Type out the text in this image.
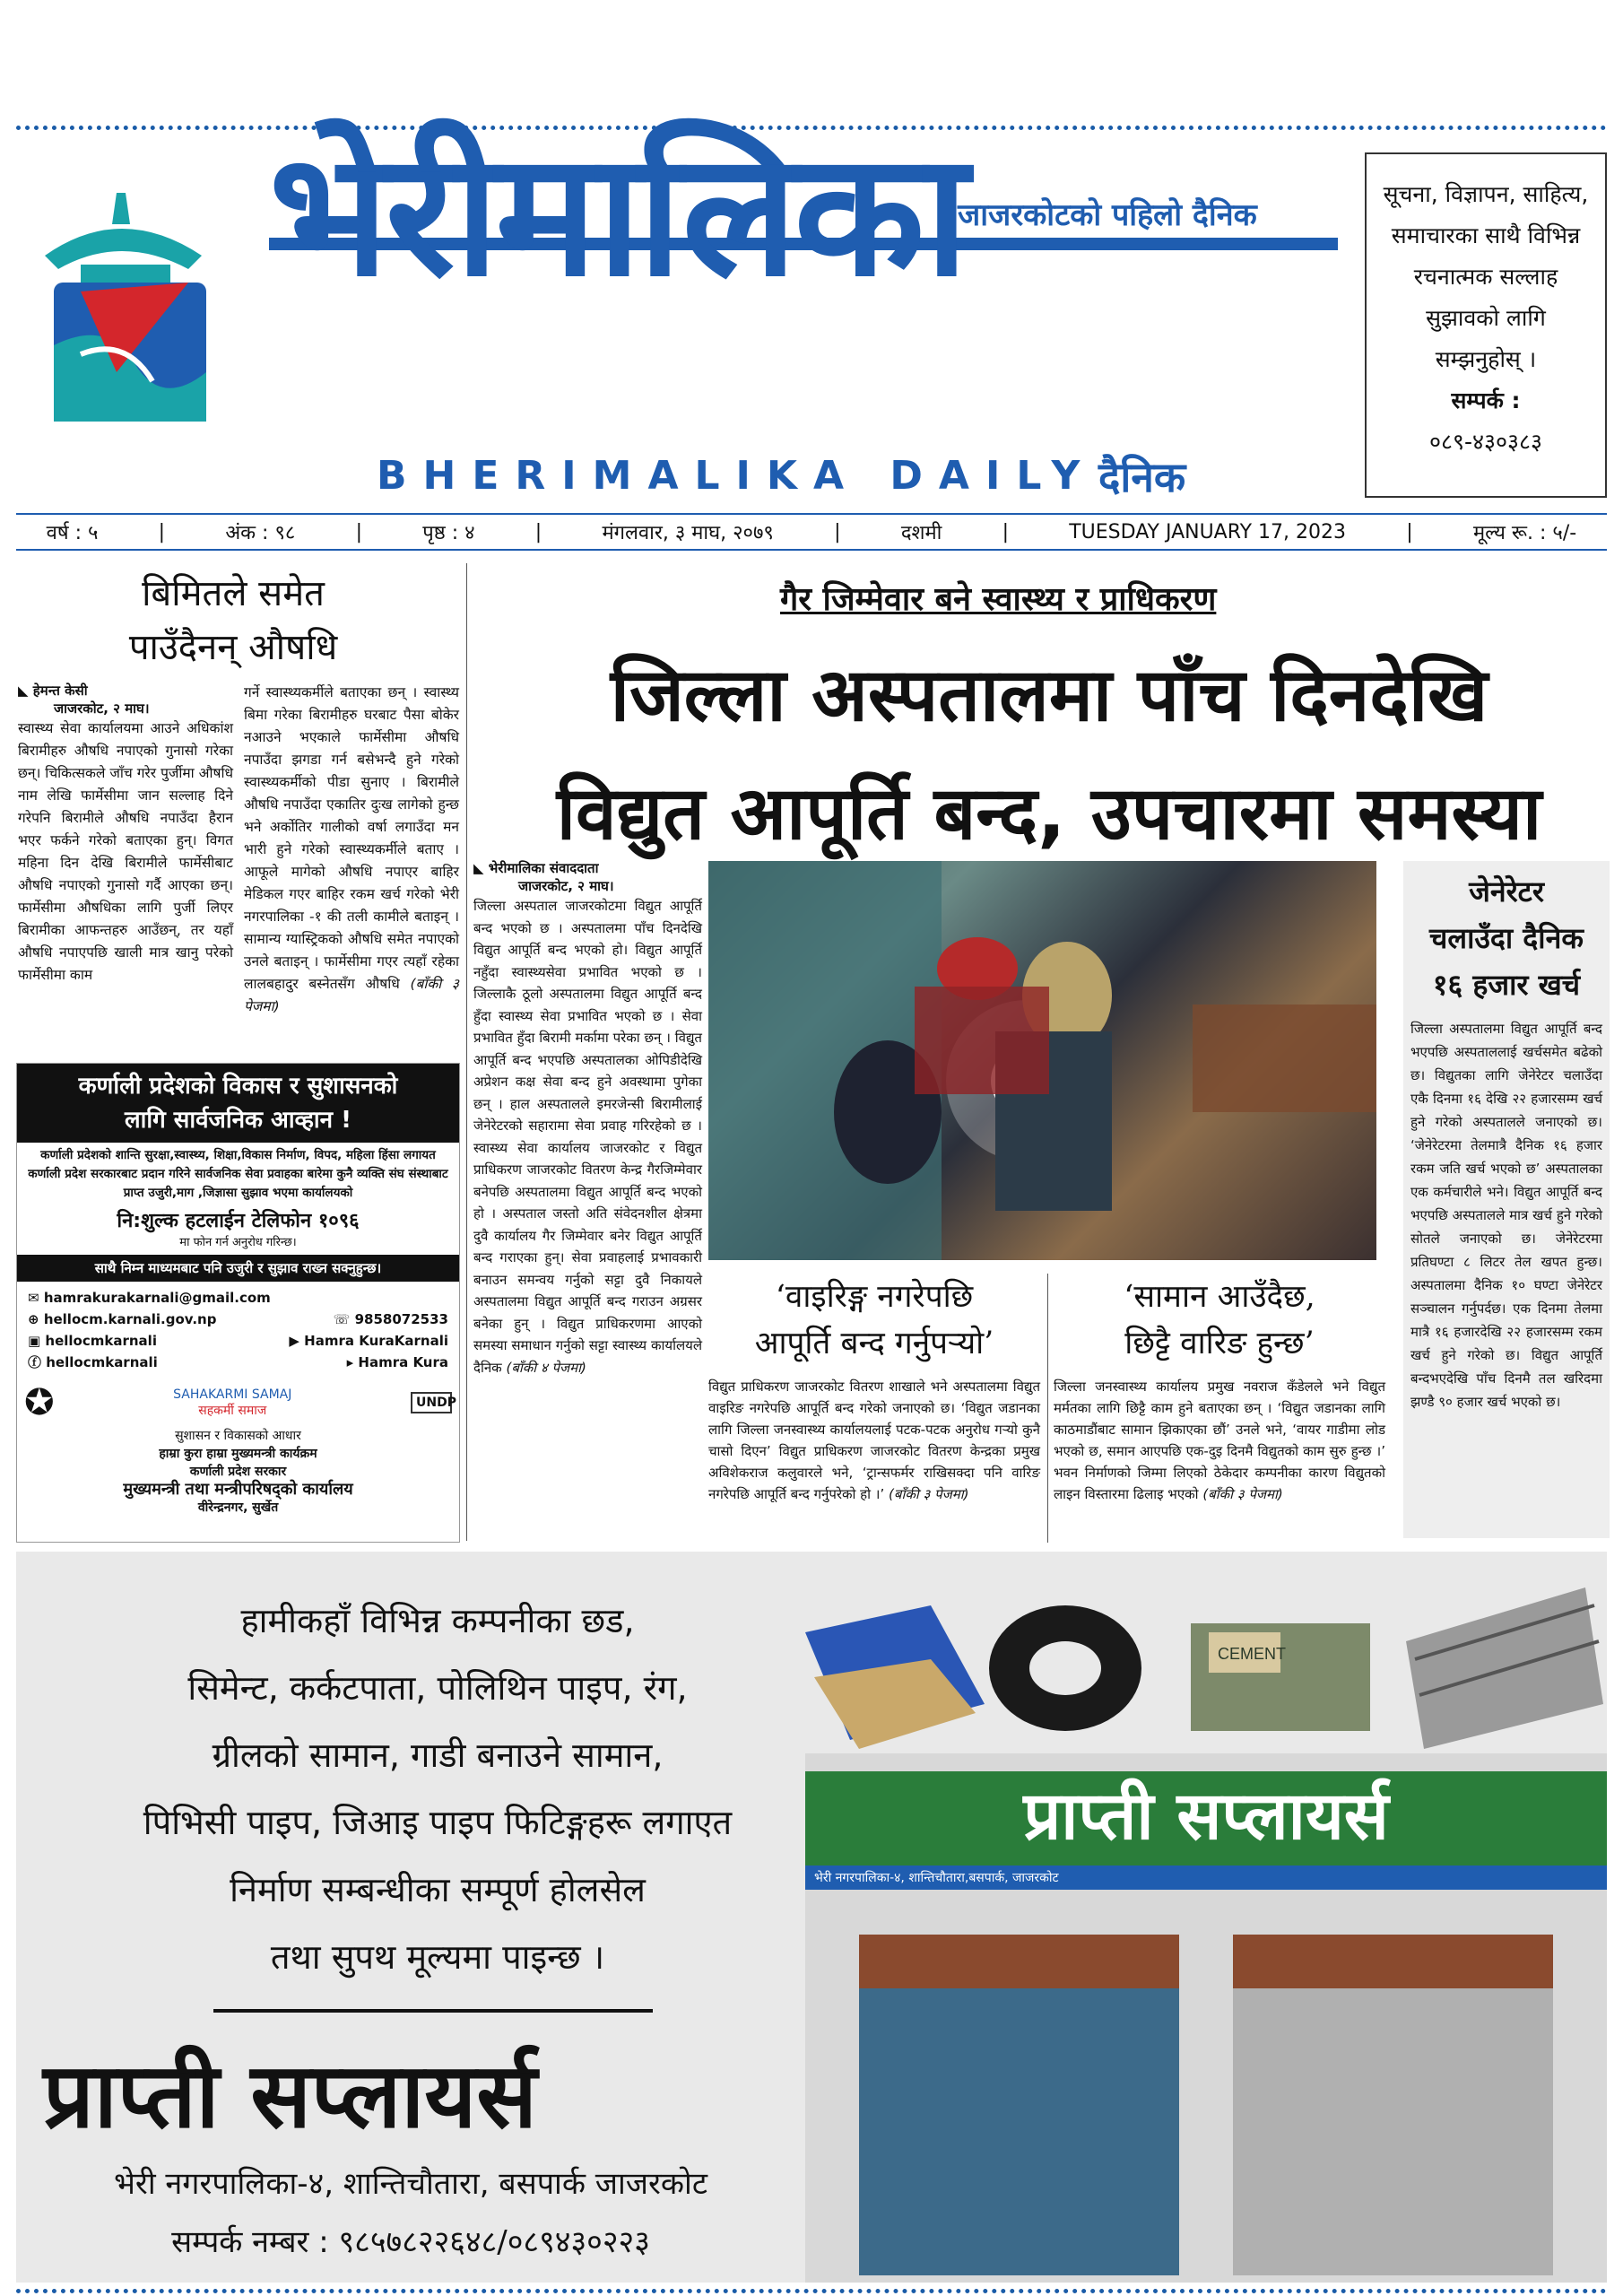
भेरीमालिका
जाजरकोटको पहिलो दैनिक
BHERIMALIKA DAILY दैनिक
सूचना, विज्ञापन, साहित्य,
समाचारका साथै विभिन्न
रचनात्मक सल्लाह
सुझावको लागि
सम्झनुहोस् ।
सम्पर्क :
०८९-४३०३८३
वर्ष : ५	|	अंक : ९८	|	पृष्ठ : ४	|	मंगलवार, ३ माघ, २०७९	|	दशमी	|	TUESDAY JANUARY 17, 2023	|	मूल्य रू. : ५/-
बिमितले समेत
पाउँदैनन् औषधि
◣ हेमन्त केसी
जाजरकोट, २ माघ।
स्वास्थ्य सेवा कार्यालयमा आउने अधिकांश बिरामीहरु औषधि नपाएको गुनासो गरेका छन्। चिकित्सकले जाँच गरेर पुर्जीमा औषधि नाम लेखि फार्मेसीमा जान सल्लाह दिने गरेपनि बिरामीले औषधि नपाउँदा हैरान भएर फर्कने गरेको बताएका हुन्। विगत महिना दिन देखि बिरामीले फार्मेसीबाट औषधि नपाएको गुनासो गर्दै आएका छन्। फार्मेसीमा औषधिका लागि पुर्जी लिएर बिरामीका आफन्तहरु आउँछन्, तर यहाँ औषधि नपाएपछि खाली मात्र खानु परेको फार्मेसीमा काम
गर्ने स्वास्थ्यकर्मीले बताएका छन् । स्वास्थ्य बिमा गरेका बिरामीहरु घरबाट पैसा बोकेर नआउने भएकाले फार्मेसीमा औषधि नपाउँदा झगडा गर्न बसेभन्दै हुने गरेको स्वास्थ्यकर्मीको पीडा सुनाए । बिरामीले औषधि नपाउँदा एकातिर दुःख लागेको हुन्छ भने अर्कोतिर गालीको वर्षा लगाउँदा मन भारी हुने गरेको स्वास्थ्यकर्मीले बताए । आफूले मागेको औषधि नपाएर बाहिर मेडिकल गएर बाहिर रकम खर्च गरेको भेरी नगरपालिका -१ की तली कामीले बताइन् । सामान्य ग्यास्ट्रिकको औषधि समेत नपाएको उनले बताइन् । फार्मेसीमा गएर त्यहाँ रहेका लालबहादुर बस्नेतसँग औषधि (बाँकी ३ पेजमा)
कर्णाली प्रदेशको विकास र सुशासनको
लागि सार्वजनिक आव्हान !
कर्णाली प्रदेशको शान्ति सुरक्षा,स्वास्थ्य, शिक्षा,विकास निर्माण, विपद, महिला हिंसा लगायत कर्णाली प्रदेश सरकारबाट प्रदान गरिने सार्वजनिक सेवा प्रवाहका बारेमा कुनै व्यक्ति संघ संस्थाबाट प्राप्त उजुरी,माग ,जिज्ञासा सुझाव भएमा कार्यालयको
नि:शुल्क हटलाईन टेलिफोन १०९६
मा फोन गर्न अनुरोध गरिन्छ।
साथै निम्न माध्यमबाट पनि उजुरी र सुझाव राख्न सक्नुहुन्छ।
✉ hamrakurakarnali@gmail.com
⊕ hellocm.karnali.gov.np	☏ 9858072533
▣ hellocmkarnali	▶ Hamra KuraKarnali
ⓕ hellocmkarnali	▸ Hamra Kura
✪	SAHAKARMI SAMAJ
सहकर्मी समाज
UNDP
सुशासन र विकासको आधार
हाम्रा कुरा हाम्रा मुख्यमन्त्री कार्यक्रम
कर्णाली प्रदेश सरकार
मुख्यमन्त्री तथा मन्त्रीपरिषद्को कार्यालय
वीरेन्द्रनगर, सुर्खेत
गैर जिम्मेवार बने स्वास्थ्य र प्राधिकरण
जिल्ला अस्पतालमा पाँच दिनदेखि
विद्युत आपूर्ति बन्द, उपचारमा समस्या
◣ भेरीमालिका संवाददाता
जाजरकोट, २ माघ।
जिल्ला अस्पताल जाजरकोटमा विद्युत आपूर्ति बन्द भएको छ । अस्पतालमा पाँच दिनदेखि विद्युत आपूर्ति बन्द भएको हो। विद्युत आपूर्ति नहुँदा स्वास्थ्यसेवा प्रभावित भएको छ । जिल्लाकै ठूलो अस्पतालमा विद्युत आपूर्ति बन्द हुँदा स्वास्थ्य सेवा प्रभावित भएको छ । सेवा प्रभावित हुँदा बिरामी मर्कामा परेका छन् । विद्युत आपूर्ति बन्द भएपछि अस्पतालका ओपिडीदेखि अप्रेशन कक्ष सेवा बन्द हुने अवस्थामा पुगेका छन् । हाल अस्पतालले इमरजेन्सी बिरामीलाई जेनेरेटरको सहारामा सेवा प्रवाह गरिरहेको छ । स्वास्थ्य सेवा कार्यालय जाजरकोट र विद्युत प्राधिकरण जाजरकोट वितरण केन्द्र गैरजिम्मेवार बनेपछि अस्पतालमा विद्युत आपूर्ति बन्द भएको हो । अस्पताल जस्तो अति संवेदनशील क्षेत्रमा दुवै कार्यालय गैर जिम्मेवार बनेर विद्युत आपूर्ति बन्द गराएका हुन्। सेवा प्रवाहलाई प्रभावकारी बनाउन समन्वय गर्नुको सट्टा दुवै निकायले अस्पतालमा विद्युत आपूर्ति बन्द गराउन अग्रसर बनेका हुन् । विद्युत प्राधिकरणमा आएको समस्या समाधान गर्नुको सट्टा स्वास्थ्य कार्यालयले दैनिक (बाँकी ४ पेजमा)
‘वाइरिङ्ग नगरेपछि
आपूर्ति बन्द गर्नुपर्‍यो’
विद्युत प्राधिकरण जाजरकोट वितरण शाखाले भने अस्पतालमा विद्युत वाइरिङ नगरेपछि आपूर्ति बन्द गरेको जनाएको छ। ‘विद्युत जडानका लागि जिल्ला जनस्वास्थ्य कार्यालयलाई पटक-पटक अनुरोध गर्‍यो कुनै चासो दिएन’ विद्युत प्राधिकरण जाजरकोट वितरण केन्द्रका प्रमुख अविशेकराज कलुवारले भने, ‘ट्रान्सफर्मर राखिसक्दा पनि वारिङ नगरेपछि आपूर्ति बन्द गर्नुपरेको हो ।’ (बाँकी ३ पेजमा)
‘सामान आउँदैछ,
छिट्टै वारिङ हुन्छ’
जिल्ला जनस्वास्थ्य कार्यालय प्रमुख नवराज कँडेलले भने विद्युत मर्मतका लागि छिट्टै काम हुने बताएका छन् । ‘विद्युत जडानका लागि काठमाडौंबाट सामान झिकाएका छौं’ उनले भने, ‘वायर गाडीमा लोड भएको छ, समान आएपछि एक-दुइ दिनमै विद्युतको काम सुरु हुन्छ ।’ भवन निर्माणको जिम्मा लिएको ठेकेदार कम्पनीका कारण विद्युतको लाइन विस्तारमा ढिलाइ भएको (बाँकी ३ पेजमा)
जेनेरेटर
चलाउँदा दैनिक
१६ हजार खर्च
जिल्ला अस्पतालमा विद्युत आपूर्ति बन्द भएपछि अस्पताललाई खर्चसमेत बढेको छ। विद्युतका लागि जेनेरेटर चलाउँदा एकै दिनमा १६ देखि २२ हजारसम्म खर्च हुने गरेको अस्पतालले जनाएको छ। ‘जेनेरेटरमा तेलमात्रै दैनिक १६ हजार रकम जति खर्च भएको छ’ अस्पतालका एक कर्मचारीले भने। विद्युत आपूर्ति बन्द भएपछि अस्पतालले मात्र खर्च हुने गरेको सोतले जनाएको छ। जेनेरेटरमा प्रतिघण्टा ८ लिटर तेल खपत हुन्छ। अस्पतालमा दैनिक १० घण्टा जेनेरेटर सञ्चालन गर्नुपर्दछ। एक दिनमा तेलमा मात्रै १६ हजारदेखि २२ हजारसम्म रकम खर्च हुने गरेको छ। विद्युत आपूर्ति बन्दभएदेखि पाँच दिनमै तल खरिदमा झण्डै ९० हजार खर्च भएको छ।
हामीकहाँ विभिन्न कम्पनीका छड,
सिमेन्ट, कर्कटपाता, पोलिथिन पाइप, रंग,
ग्रीलको सामान, गाडी बनाउने सामान,
पिभिसी पाइप, जिआइ पाइप फिटिङ्गहरू लगाएत
निर्माण सम्बन्धीका सम्पूर्ण होलसेल
तथा सुपथ मूल्यमा पाइन्छ ।
प्राप्ती सप्लायर्स
भेरी नगरपालिका-४, शान्तिचौतारा, बसपार्क जाजरकोट
सम्पर्क नम्बर : ९८५७८२२६४८/०८९४३०२२३
CEMENT
प्राप्ती सप्लायर्स
भेरी नगरपालिका-४, शान्तिचौतारा,बसपार्क, जाजरकोट
